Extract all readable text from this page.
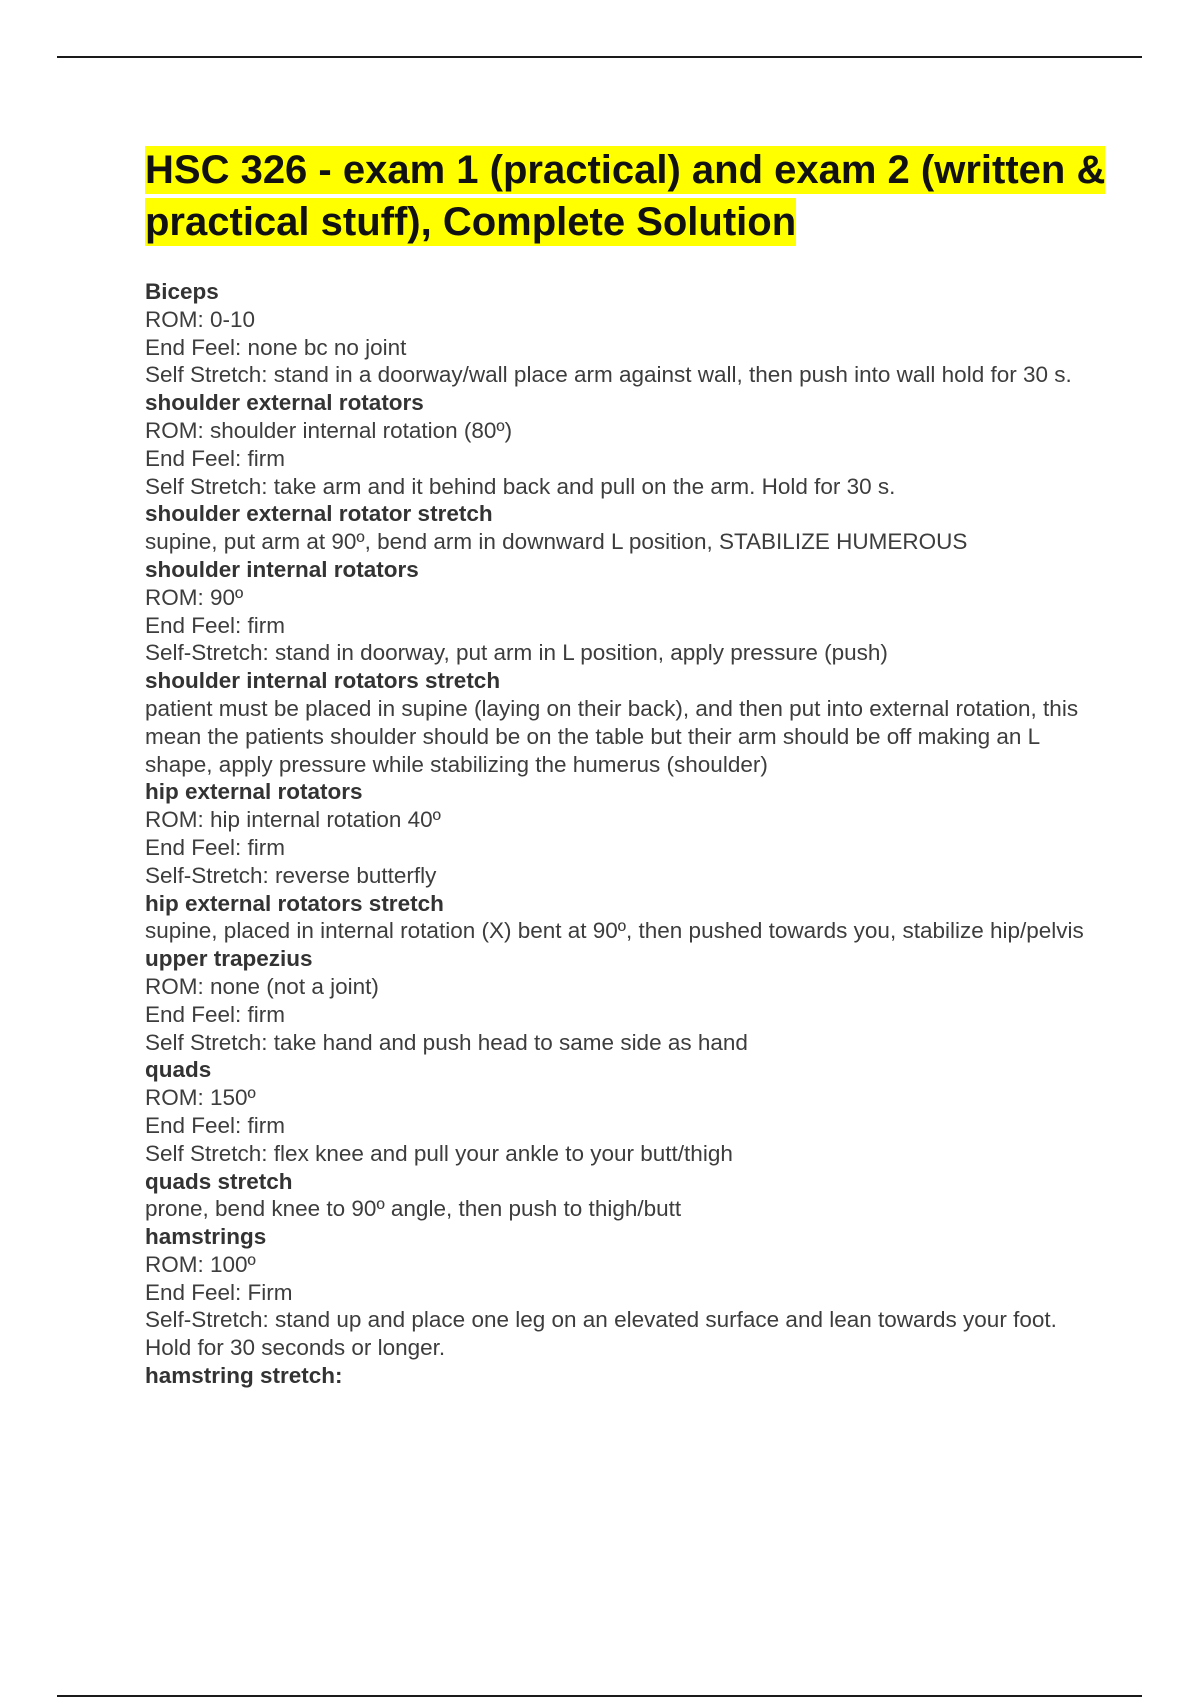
HSC 326 - exam 1 (practical) and exam 2 (written & practical stuff), Complete Solution
Biceps
ROM: 0-10
End Feel: none bc no joint
Self Stretch: stand in a doorway/wall place arm against wall, then push into wall hold for 30 s.
shoulder external rotators
ROM: shoulder internal rotation (80º)
End Feel: firm
Self Stretch: take arm and it behind back and pull on the arm. Hold for 30 s.
shoulder external rotator stretch
supine, put arm at 90º, bend arm in downward L position, STABILIZE HUMEROUS
shoulder internal rotators
ROM: 90º
End Feel: firm
Self-Stretch: stand in doorway, put arm in L position, apply pressure (push)
shoulder internal rotators stretch
patient must be placed in supine (laying on their back), and then put into external rotation, this mean the patients shoulder should be on the table but their arm should be off making an L shape, apply pressure while stabilizing the humerus (shoulder)
hip external rotators
ROM: hip internal rotation 40º
End Feel: firm
Self-Stretch: reverse butterfly
hip external rotators stretch
supine, placed in internal rotation (X) bent at 90º, then pushed towards you, stabilize hip/pelvis
upper trapezius
ROM: none (not a joint)
End Feel: firm
Self Stretch: take hand and push head to same side as hand
quads
ROM: 150º
End Feel: firm
Self Stretch: flex knee and pull your ankle to your butt/thigh
quads stretch
prone, bend knee to 90º angle, then push to thigh/butt
hamstrings
ROM: 100º
End Feel: Firm
Self-Stretch: stand up and place one leg on an elevated surface and lean towards your foot. Hold for 30 seconds or longer.
hamstring stretch:
